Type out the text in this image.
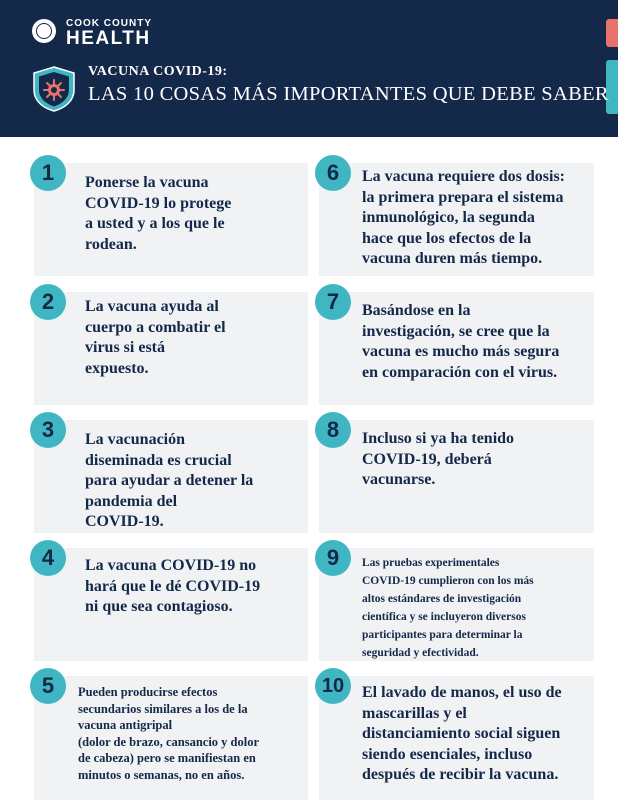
COOK COUNTY
HEALTH
VACUNA COVID-19:
LAS 10 COSAS MÁS IMPORTANTES QUE DEBE SABER
1	Ponerse la vacuna
COVID-19 lo protege
a usted y a los que le
rodean.
2	La vacuna ayuda al
cuerpo a combatir el
virus si está
expuesto.
3	La vacunación
diseminada es crucial
para ayudar a detener la
pandemia del
COVID-19.
4	La vacuna COVID-19 no
hará que le dé COVID-19
ni que sea contagioso.
5	Pueden producirse efectos
secundarios similares a los de la
vacuna antigripal
(dolor de brazo, cansancio y dolor
de cabeza) pero se manifiestan en
minutos o semanas, no en años.
6	La vacuna requiere dos dosis:
la primera prepara el sistema
inmunológico, la segunda
hace que los efectos de la
vacuna duren más tiempo.
7	Basándose en la
investigación, se cree que la
vacuna es mucho más segura
en comparación con el virus.
8	Incluso si ya ha tenido
COVID-19, deberá
vacunarse.
9	Las pruebas experimentales
COVID-19 cumplieron con los más
altos estándares de investigación
científica y se incluyeron diversos
participantes para determinar la
seguridad y efectividad.
10	El lavado de manos, el uso de
mascarillas y el
distanciamiento social siguen
siendo esenciales, incluso
después de recibir la vacuna.
